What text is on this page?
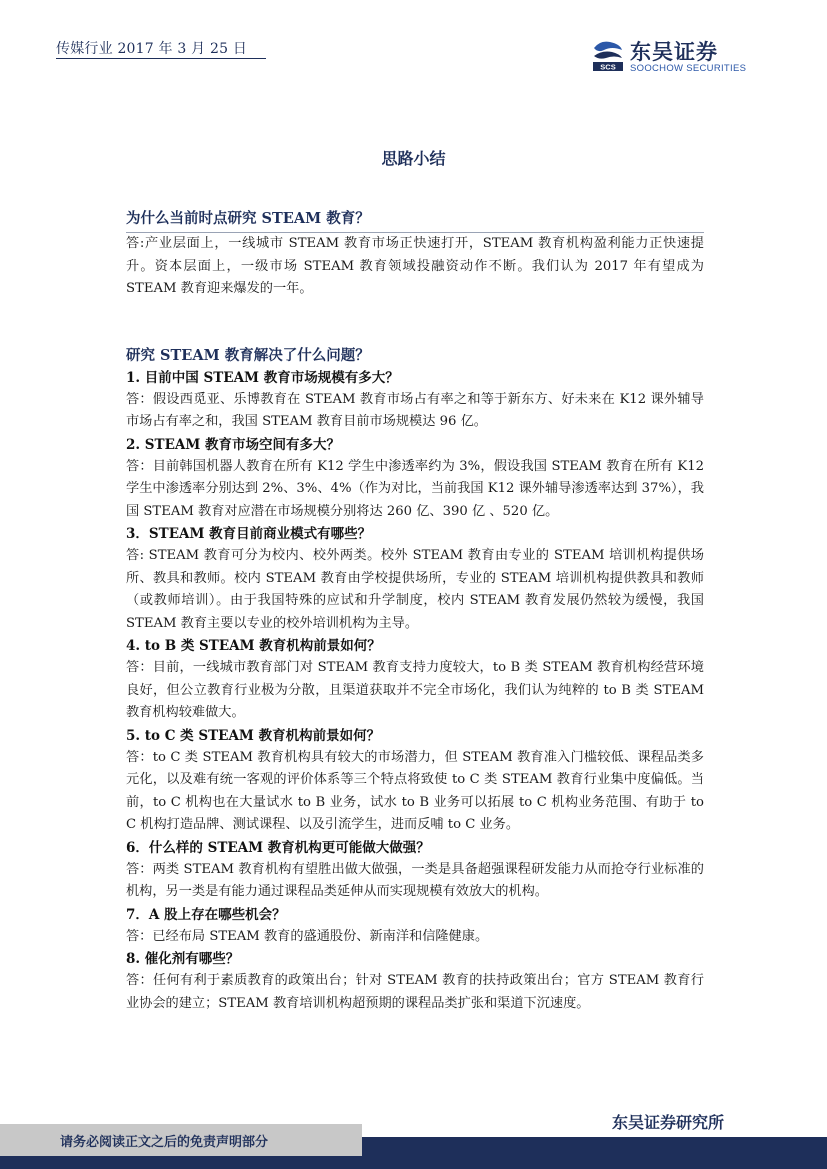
传媒行业 2017 年 3 月 25 日
SCS
东吴证券
SOOCHOW SECURITIES
思路小结
为什么当前时点研究 STEAM 教育？
答:产业层面上，一线城市 STEAM 教育市场正快速打开，STEAM 教育机构盈利能力正快速提升。资本层面上，一级市场 STEAM 教育领域投融资动作不断。我们认为 2017 年有望成为 STEAM 教育迎来爆发的一年。
研究 STEAM 教育解决了什么问题？
1. 目前中国 STEAM 教育市场规模有多大？
答：假设西觅亚、乐博教育在 STEAM 教育市场占有率之和等于新东方、好未来在 K12 课外辅导市场占有率之和，我国 STEAM 教育目前市场规模达 96 亿。
2. STEAM 教育市场空间有多大？
答：目前韩国机器人教育在所有 K12 学生中渗透率约为 3%，假设我国 STEAM 教育在所有 K12 学生中渗透率分别达到 2%、3%、4%（作为对比，当前我国 K12 课外辅导渗透率达到 37%），我国 STEAM 教育对应潜在市场规模分别将达 260 亿、390 亿 、520 亿。
3．STEAM 教育目前商业模式有哪些？
答: STEAM 教育可分为校内、校外两类。校外 STEAM 教育由专业的 STEAM 培训机构提供场所、教具和教师。校内 STEAM 教育由学校提供场所，专业的 STEAM 培训机构提供教具和教师（或教师培训）。由于我国特殊的应试和升学制度，校内 STEAM 教育发展仍然较为缓慢，我国 STEAM 教育主要以专业的校外培训机构为主导。
4. to B 类 STEAM 教育机构前景如何？
答：目前，一线城市教育部门对 STEAM 教育支持力度较大，to B 类 STEAM 教育机构经营环境良好，但公立教育行业极为分散，且渠道获取并不完全市场化，我们认为纯粹的 to B 类 STEAM 教育机构较难做大。
5. to C 类 STEAM 教育机构前景如何？
答：to C 类 STEAM 教育机构具有较大的市场潜力，但 STEAM 教育准入门槛较低、课程品类多元化，以及难有统一客观的评价体系等三个特点将致使 to C 类 STEAM 教育行业集中度偏低。当前，to C 机构也在大量试水 to B 业务，试水 to B 业务可以拓展 to C 机构业务范围、有助于 to C 机构打造品牌、测试课程、以及引流学生，进而反哺 to C 业务。
6．什么样的 STEAM 教育机构更可能做大做强？
答：两类 STEAM 教育机构有望胜出做大做强，一类是具备超强课程研发能力从而抢夺行业标准的机构，另一类是有能力通过课程品类延伸从而实现规模有效放大的机构。
7．A 股上存在哪些机会？
答：已经布局 STEAM 教育的盛通股份、新南洋和信隆健康。
8. 催化剂有哪些？
答：任何有利于素质教育的政策出台；针对 STEAM 教育的扶持政策出台；官方 STEAM 教育行业协会的建立；STEAM 教育培训机构超预期的课程品类扩张和渠道下沉速度。
东吴证券研究所
请务必阅读正文之后的免责声明部分
